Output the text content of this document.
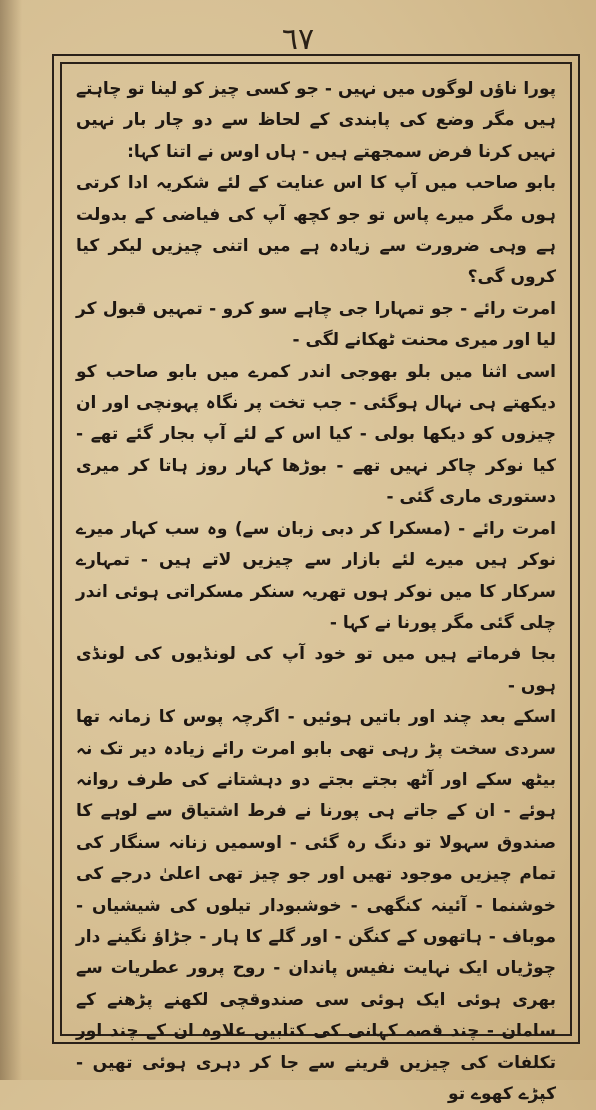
٦٧

پورا ناؤں لوگوں میں نہیں - جو کسی چیز کو لینا تو چاہتے ہیں مگر وضع کی پابندی کے لحاظ سے دو چار بار نہیں نہیں کرنا فرض سمجھتے ہیں - ہاں اوس نے اتنا کہا:

بابو صاحب میں آپ کا اس عنایت کے لئے شکریہ ادا کرتی ہوں مگر میرے پاس تو جو کچھ آپ کی فیاضی کے بدولت ہے وہی ضرورت سے زیادہ ہے میں اتنی چیزیں لیکر کیا کروں گی؟

امرت رائے - جو تمہارا جی چاہے سو کرو - تمہیں قبول کر لیا اور میری محنت ٹھکانے لگی -

اسی اثنا میں بلو بھوجی اندر کمرے میں بابو صاحب کو دیکھتے ہی نہال ہوگئی - جب تخت پر نگاہ پہونچی اور ان چیزوں کو دیکھا بولی - کیا اس کے لئے آپ بجار گئے تھے - کیا نوکر چاکر نہیں تھے - بوڑھا کہار روز ہاتا کر میری دستوری ماری گئی -

امرت رائے - (مسکرا کر دبی زبان سے) وہ سب کہار میرے نوکر ہیں میرے لئے بازار سے چیزیں لاتے ہیں - تمہارے سرکار کا میں نوکر ہوں تھریہ سنکر مسکراتی ہوئی اندر چلی گئی مگر پورنا نے کہا -

بجا فرماتے ہیں میں تو خود آپ کی لونڈیوں کی لونڈی ہوں -

اسکے بعد چند اور باتیں ہوئیں - اگرچہ پوس کا زمانہ تھا سردی سخت پڑ رہی تھی بابو امرت رائے زیادہ دیر تک نہ بیٹھ سکے اور آٹھ بجتے بجتے دو دہشتانے کی طرف روانہ ہوئے - ان کے جاتے ہی پورنا نے فرط اشتیاق سے لوہے کا صندوق سہولا تو دنگ رہ گئی - اوسمیں زنانہ سنگار کی تمام چیزیں موجود تھیں اور جو چیز تھی اعلیٰ درجے کی خوشنما - آئینہ کنگھی - خوشبودار تیلوں کی شیشیاں - موباف - ہاتھوں کے کنگن - اور گلے کا ہار - جڑاؤ نگینے دار چوڑیاں ایک نہایت نفیس پاندان - روح پرور عطریات سے بھری ہوئی ایک ہوئی سی صندوقچی لکھنے پڑھنے کے سامان - چند قصہ کہانی کی کتابیں علاوہ ان کے چند اور تکلفات کی چیزیں قرینے سے جا کر دہری ہوئی تھیں - کپڑے کھوے تو
